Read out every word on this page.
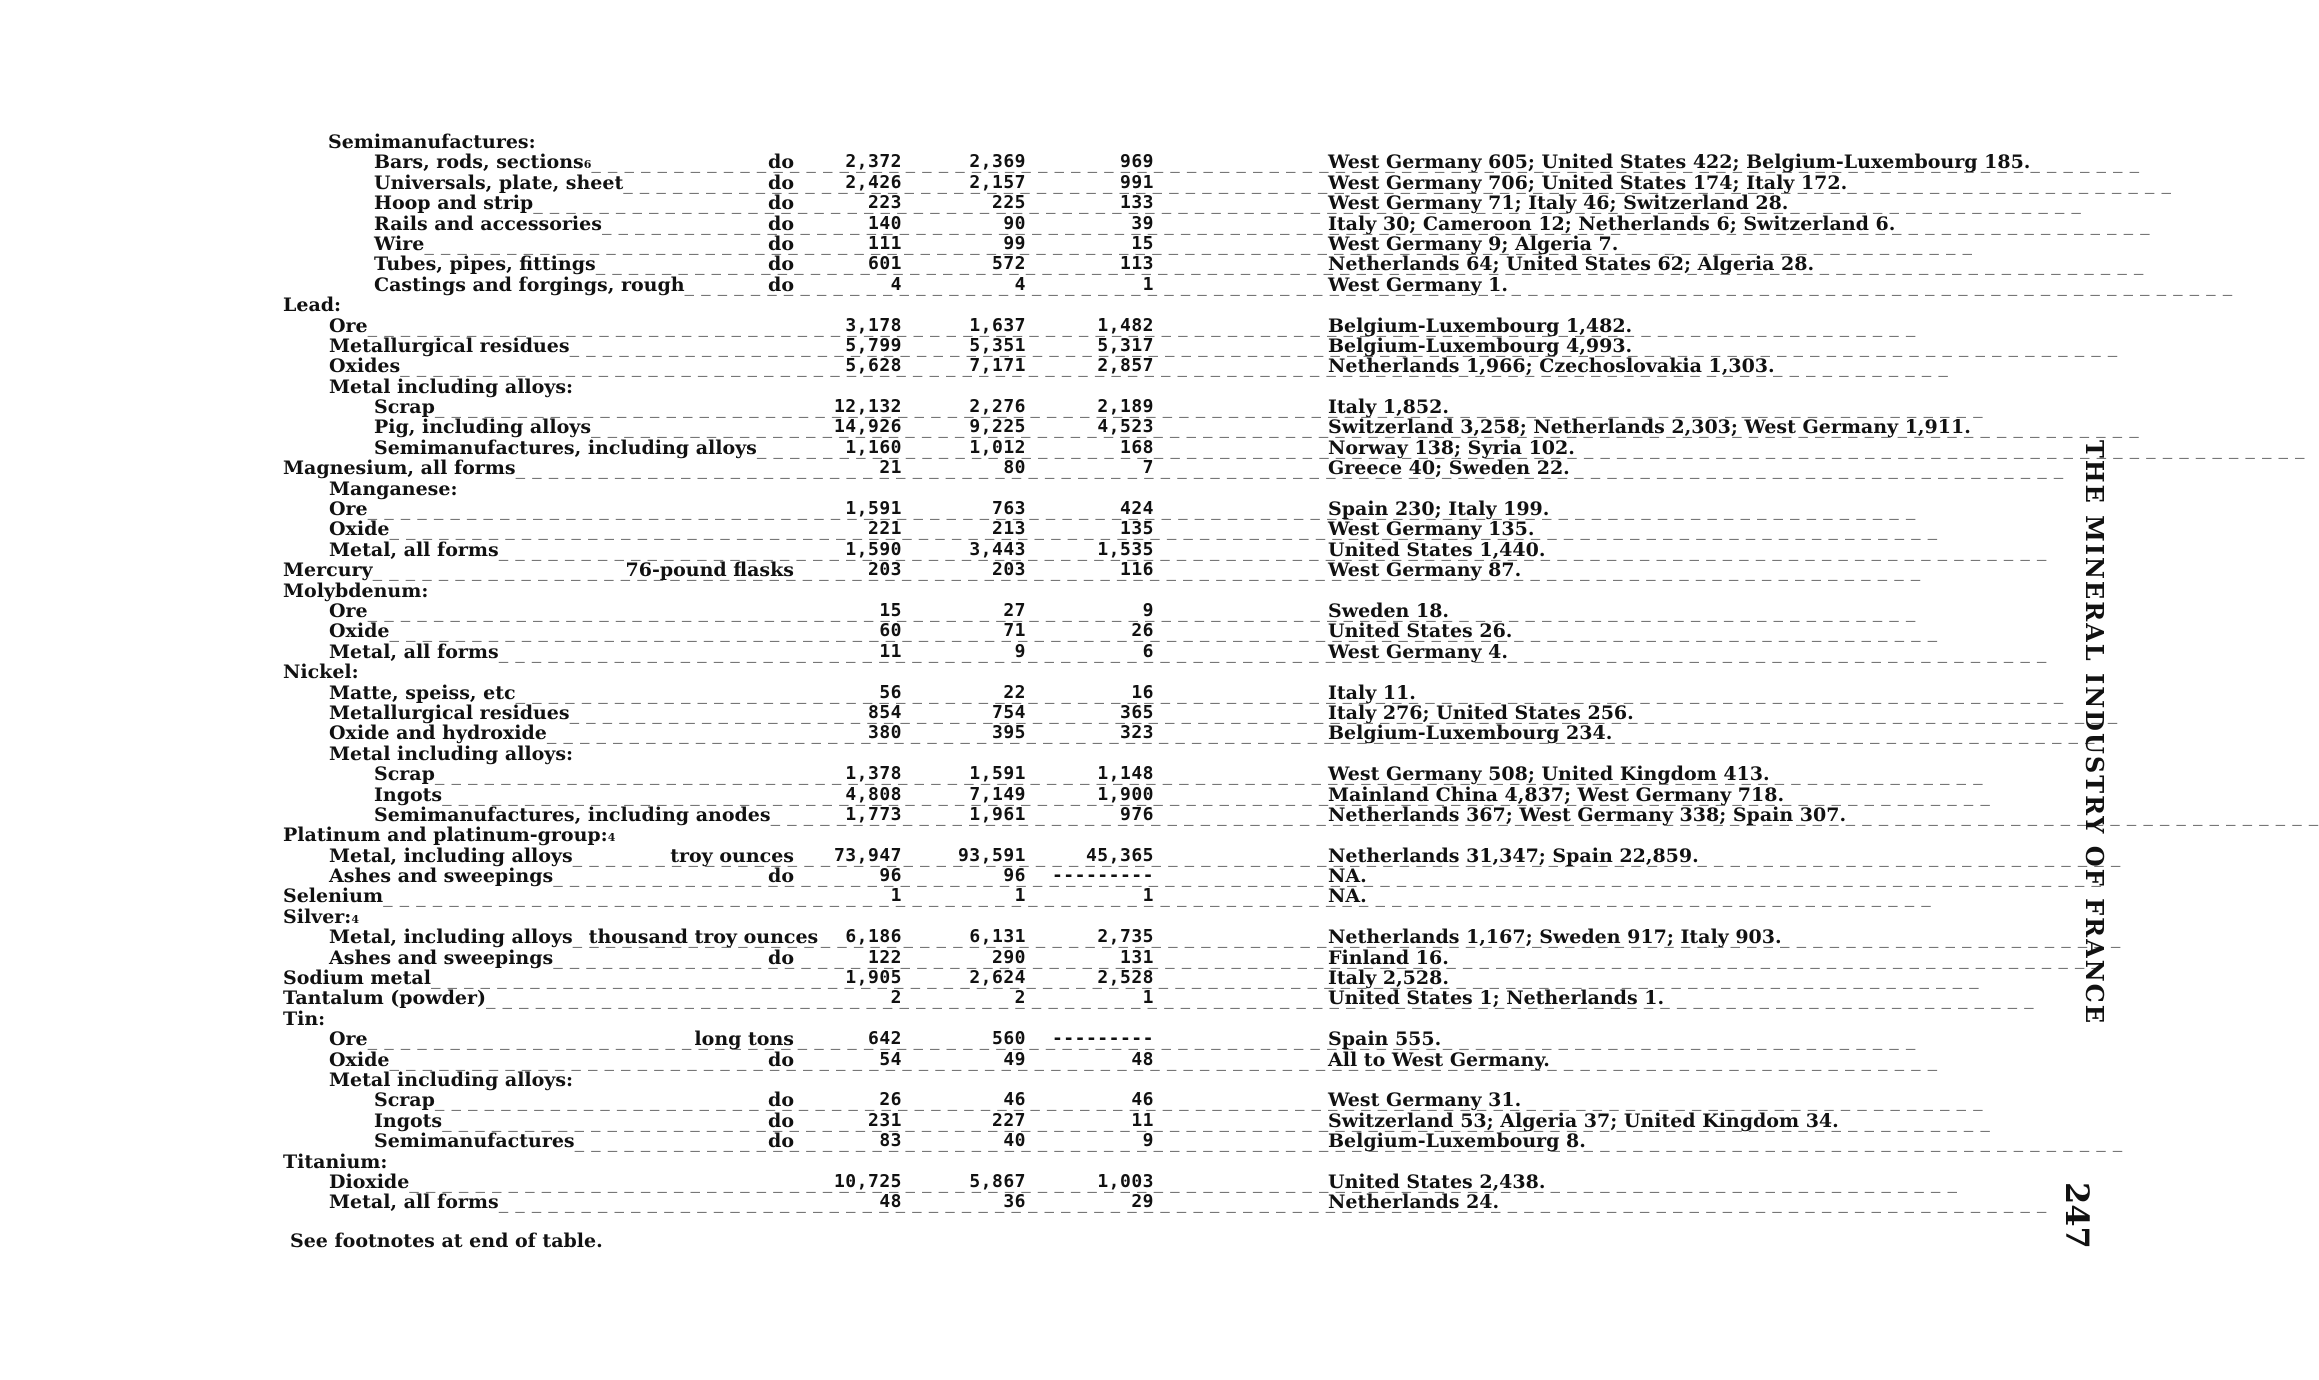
Semimanufactures:
Bars, rods, sections 6 _ _ _	do	2,372	2,369	969	West Germany 605; United States 422; Belgium-Luxembourg 185.
Universals, plate, sheet _ _ _	do	2,426	2,157	991	West Germany 706; United States 174; Italy 172.
Hoop and strip _ _ _	do	223	225	133	West Germany 71; Italy 46; Switzerland 28.
Rails and accessories _ _ _	do	140	90	39	Italy 30; Cameroon 12; Netherlands 6; Switzerland 6.
Wire _ _ _	do	111	99	15	West Germany 9; Algeria 7.
Tubes, pipes, fittings _ _ _	do	601	572	113	Netherlands 64; United States 62; Algeria 28.
Castings and forgings, rough _ _ _	do	4	4	1	West Germany 1.
Lead:
Ore _ _ _	3,178	1,637	1,482	Belgium-Luxembourg 1,482.
Metallurgical residues _ _ _	5,799	5,351	5,317	Belgium-Luxembourg 4,993.
Oxides _ _ _	5,628	7,171	2,857	Netherlands 1,966; Czechoslovakia 1,303.
Metal including alloys:
Scrap _ _ _	12,132	2,276	2,189	Italy 1,852.
Pig, including alloys _ _ _	14,926	9,225	4,523	Switzerland 3,258; Netherlands 2,303; West Germany 1,911.
Semimanufactures, including alloys _ _ _	1,160	1,012	168	Norway 138; Syria 102.
Magnesium, all forms _ _ _	21	80	7	Greece 40; Sweden 22.
Manganese:
Ore _ _ _	1,591	763	424	Spain 230; Italy 199.
Oxide _ _ _	221	213	135	West Germany 135.
Metal, all forms _ _ _	1,590	3,443	1,535	United States 1,440.
Mercury _ _ _	76-pound flasks	203	203	116	West Germany 87.
Molybdenum:
Ore _ _ _	15	27	9	Sweden 18.
Oxide _ _ _	60	71	26	United States 26.
Metal, all forms _ _ _	11	9	6	West Germany 4.
Nickel:
Matte, speiss, etc _ _ _	56	22	16	Italy 11.
Metallurgical residues _ _ _	854	754	365	Italy 276; United States 256.
Oxide and hydroxide _ _ _	380	395	323	Belgium-Luxembourg 234.
Metal including alloys:
Scrap _ _ _	1,378	1,591	1,148	West Germany 508; United Kingdom 413.
Ingots _ _ _	4,808	7,149	1,900	Mainland China 4,837; West Germany 718.
Semimanufactures, including anodes _ _ _	1,773	1,961	976	Netherlands 367; West Germany 338; Spain 307.
Platinum and platinum-group: 4
Metal, including alloys _ _ _	troy ounces 73,947	93,591	45,365	Netherlands 31,347; Spain 22,859.
Ashes and sweepings _ _ _	do	96	96 ---------	NA.
Selenium _ _ _	1	1	1	NA.
Silver: 4
Metal, including alloys _ _ _ thousand troy ounces 6,186	6,131	2,735	Netherlands 1,167; Sweden 917; Italy 903.
Ashes and sweepings _ _ _	do	122	290	131	Finland 16.
Sodium metal _ _ _	1,905	2,624	2,528	Italy 2,528.
Tantalum (powder) _ _ _	2	2	1	United States 1; Netherlands 1.
Tin:
Ore _ _ _	long tons	642	560 ---------	Spain 555.
Oxide _ _ _	do	54	49	48	All to West Germany.
Metal including alloys:
Scrap _ _ _	do	26	46	46	West Germany 31.
Ingots _ _ _	do	231	227	11	Switzerland 53; Algeria 37; United Kingdom 34.
Semimanufactures _ _ _	do	83	40	9	Belgium-Luxembourg 8.
Titanium:
Dioxide _ _ _	10,725	5,867	1,003	United States 2,438.
Metal, all forms _ _ _	48	36	29	Netherlands 24.
See footnotes at end of table.
THE MINERAL INDUSTRY OF FRANCE
247
